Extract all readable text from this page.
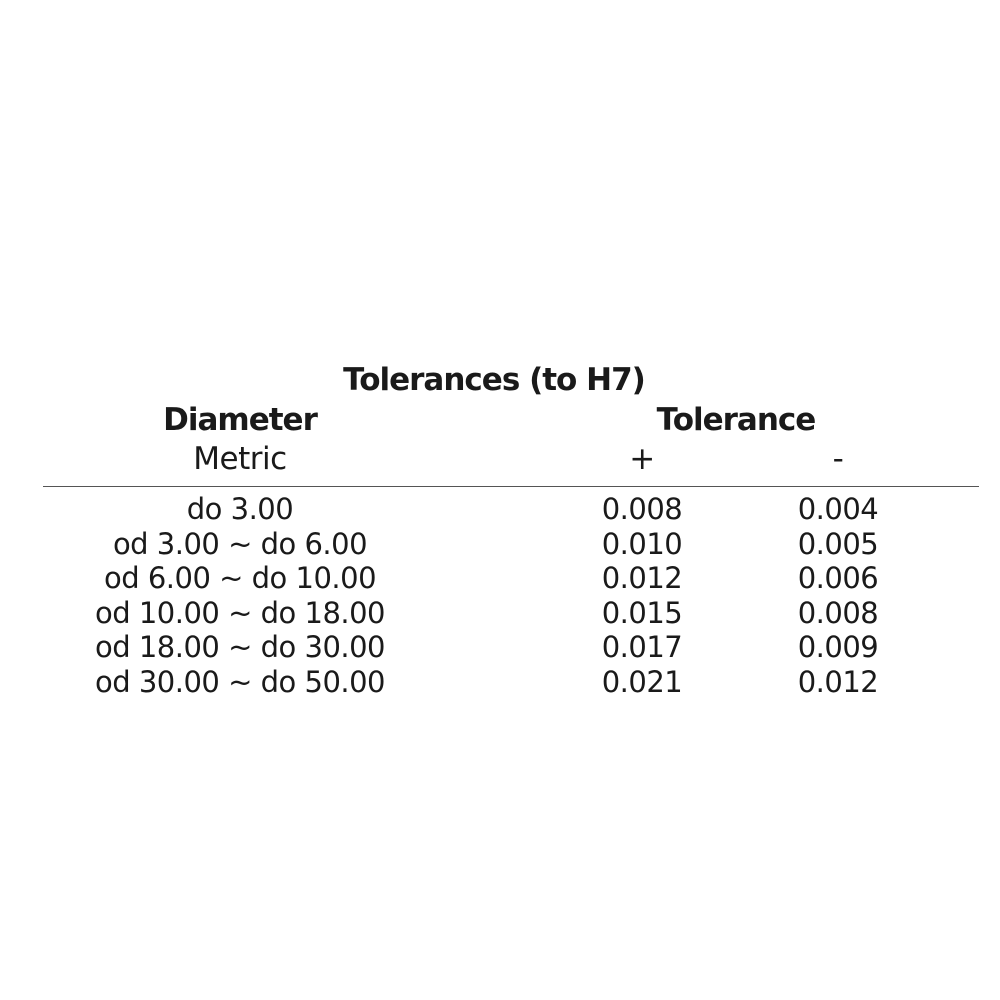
Tolerances (to H7)
Diameter	Tolerance
Metric	+	-
do 3.00	0.008	0.004
od 3.00 ~ do 6.00	0.010	0.005
od 6.00 ~ do 10.00	0.012	0.006
od 10.00 ~ do 18.00	0.015	0.008
od 18.00 ~ do 30.00	0.017	0.009
od 30.00 ~ do 50.00	0.021	0.012
